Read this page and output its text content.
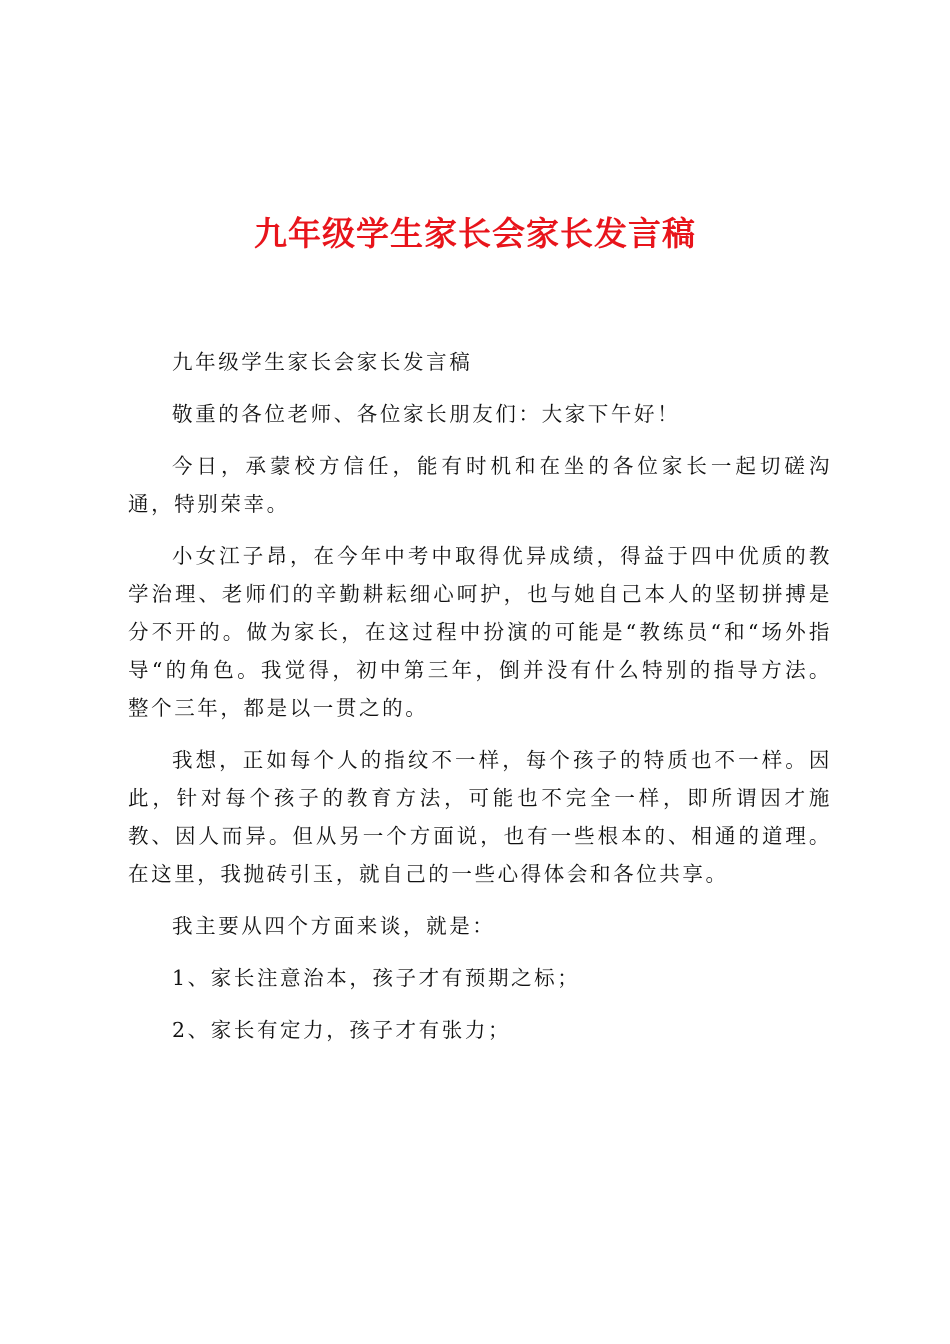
九年级学生家长会家长发言稿

九年级学生家长会家长发言稿

敬重的各位老师、各位家长朋友们：大家下午好！

今日，承蒙校方信任，能有时机和在坐的各位家长一起切磋沟通，特别荣幸。

小女江子昂，在今年中考中取得优异成绩，得益于四中优质的教学治理、老师们的辛勤耕耘细心呵护，也与她自己本人的坚韧拼搏是分不开的。做为家长，在这过程中扮演的可能是“教练员“和“场外指导“的角色。我觉得，初中第三年，倒并没有什么特别的指导方法。整个三年，都是以一贯之的。

我想，正如每个人的指纹不一样，每个孩子的特质也不一样。因此，针对每个孩子的教育方法，可能也不完全一样，即所谓因才施教、因人而异。但从另一个方面说，也有一些根本的、相通的道理。在这里，我抛砖引玉，就自己的一些心得体会和各位共享。

我主要从四个方面来谈，就是：

1、家长注意治本，孩子才有预期之标；

2、家长有定力，孩子才有张力；
